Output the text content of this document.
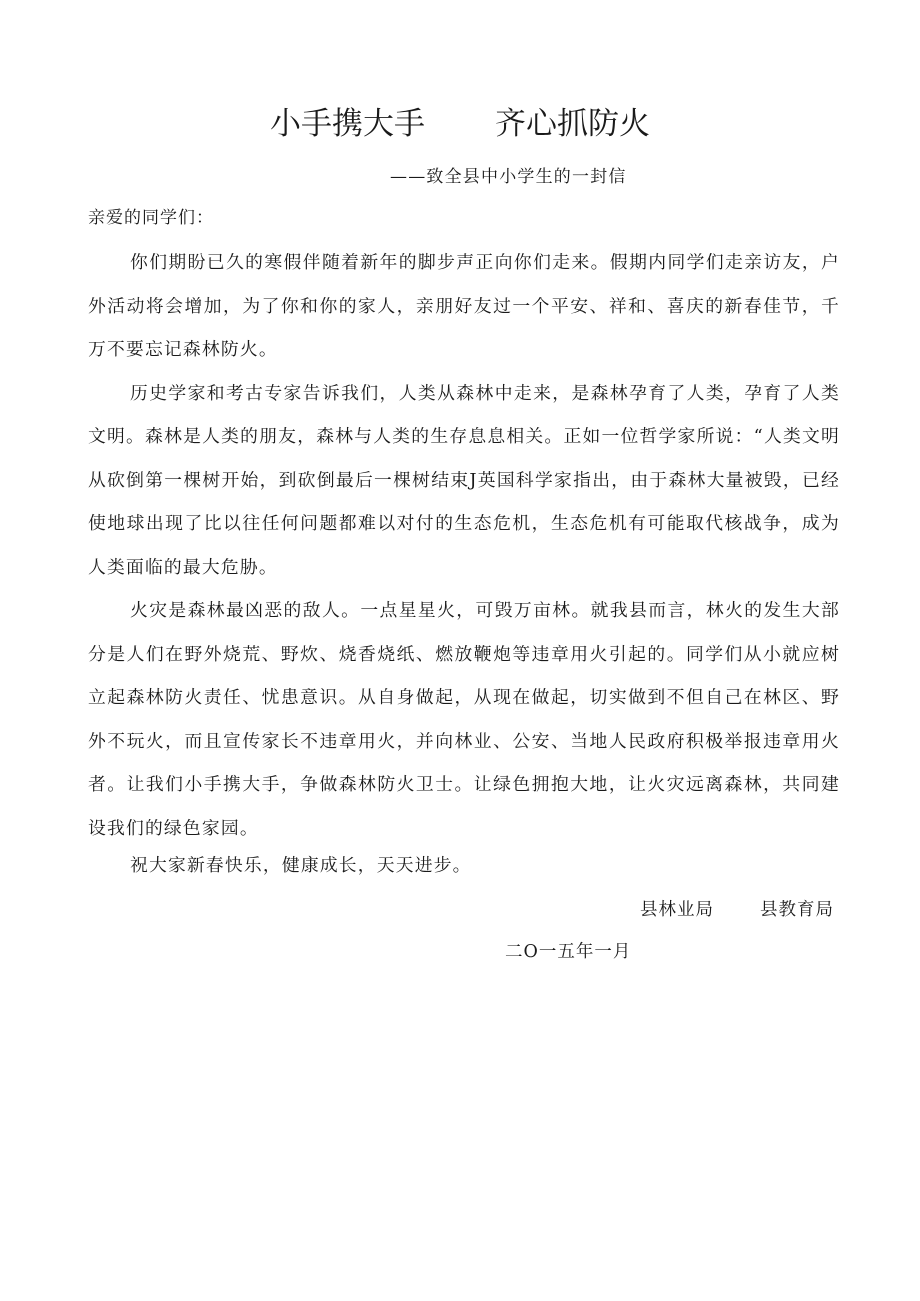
小手携大手 齐心抓防火
——致全县中小学生的一封信
亲爱的同学们：

你们期盼已久的寒假伴随着新年的脚步声正向你们走来。假期内同学们走亲访友，户外活动将会增加，为了你和你的家人，亲朋好友过一个平安、祥和、喜庆的新春佳节，千万不要忘记森林防火。

历史学家和考古专家告诉我们，人类从森林中走来，是森林孕育了人类，孕育了人类文明。森林是人类的朋友，森林与人类的生存息息相关。正如一位哲学家所说：“人类文明从砍倒第一棵树开始，到砍倒最后一棵树结束J英国科学家指出，由于森林大量被毁，已经使地球出现了比以往任何问题都难以对付的生态危机，生态危机有可能取代核战争，成为人类面临的最大危胁。

火灾是森林最凶恶的敌人。一点星星火，可毁万亩林。就我县而言，林火的发生大部分是人们在野外烧荒、野炊、烧香烧纸、燃放鞭炮等违章用火引起的。同学们从小就应树立起森林防火责任、忧患意识。从自身做起，从现在做起，切实做到不但自己在林区、野外不玩火，而且宣传家长不违章用火，并向林业、公安、当地人民政府积极举报违章用火者。让我们小手携大手，争做森林防火卫士。让绿色拥抱大地，让火灾远离森林，共同建设我们的绿色家园。

祝大家新春快乐，健康成长，天天进步。
县林业局	县教育局
二O一五年一月
